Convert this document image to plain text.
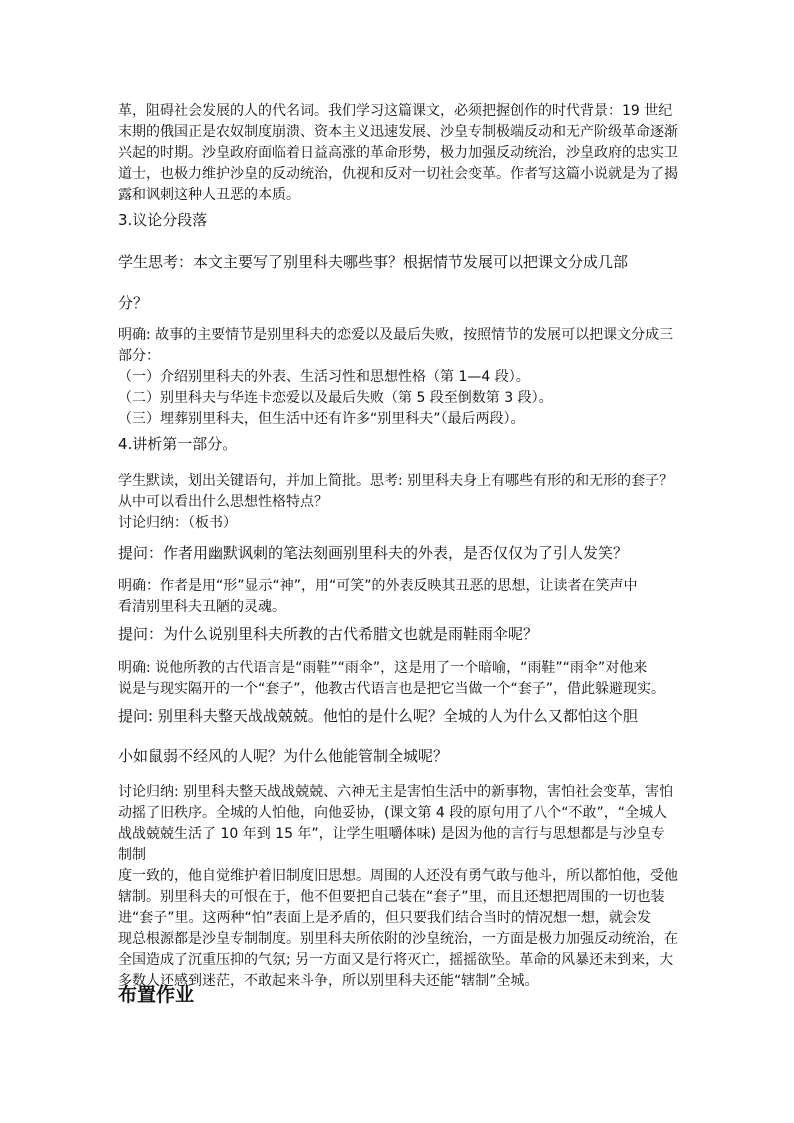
革，阻碍社会发展的人的代名词。我们学习这篇课文，必须把握创作的时代背景：19 世纪

末期的俄国正是农奴制度崩溃、资本主义迅速发展、沙皇专制极端反动和无产阶级革命逐渐

兴起的时期。沙皇政府面临着日益高涨的革命形势，极力加强反动统治，沙皇政府的忠实卫

道士，也极力维护沙皇的反动统治，仇视和反对一切社会变革。作者写这篇小说就是为了揭

露和讽刺这种人丑恶的本质。

3.议论分段落

学生思考：本文主要写了别里科夫哪些事？根据情节发展可以把课文分成几部

分？

明确: 故事的主要情节是别里科夫的恋爱以及最后失败，按照情节的发展可以把课文分成三

部分：

（一）介绍别里科夫的外表、生活习性和思想性格（第 1—4 段）。

（二）别里科夫与华连卡恋爱以及最后失败（第 5 段至倒数第 3 段）。

（三）埋葬别里科夫，但生活中还有许多“别里科夫”（最后两段）。

4.讲析第一部分。

学生默读，划出关键语句，并加上简批。思考: 别里科夫身上有哪些有形的和无形的套子？

从中可以看出什么思想性格特点？

讨论归纳：（板书）

提问：作者用幽默讽刺的笔法刻画别里科夫的外表，是否仅仅为了引人发笑？

明确：作者是用“形”显示“神”，用“可笑”的外表反映其丑恶的思想，让读者在笑声中

看清别里科夫丑陋的灵魂。

提问：为什么说别里科夫所教的古代希腊文也就是雨鞋雨伞呢？

明确: 说他所教的古代语言是“雨鞋”“雨伞”，这是用了一个暗喻，“雨鞋”“雨伞”对他来

说是与现实隔开的一个“套子”，他教古代语言也是把它当做一个“套子”，借此躲避现实。

提问: 别里科夫整天战战兢兢。他怕的是什么呢？全城的人为什么又都怕这个胆

小如鼠弱不经风的人呢？为什么他能管制全城呢？

讨论归纳: 别里科夫整天战战兢兢、六神无主是害怕生活中的新事物，害怕社会变革，害怕

动摇了旧秩序。全城的人怕他，向他妥协，(课文第 4 段的原句用了八个“不敢”，“全城人

战战兢兢生活了 10 年到 15 年”，让学生咀嚼体味) 是因为他的言行与思想都是与沙皇专制制

度一致的，他自觉维护着旧制度旧思想。周围的人还没有勇气敢与他斗，所以都怕他，受他

辖制。别里科夫的可恨在于，他不但要把自己装在“套子”里，而且还想把周围的一切也装

进“套子”里。这两种“怕”表面上是矛盾的，但只要我们结合当时的情况想一想，就会发

现总根源都是沙皇专制制度。别里科夫所依附的沙皇统治，一方面是极力加强反动统治，在

全国造成了沉重压抑的气氛; 另一方面又是行将灭亡，摇摇欲坠。革命的风暴还未到来，大

多数人还感到迷茫，不敢起来斗争，所以别里科夫还能“辖制”全城。

布置作业
